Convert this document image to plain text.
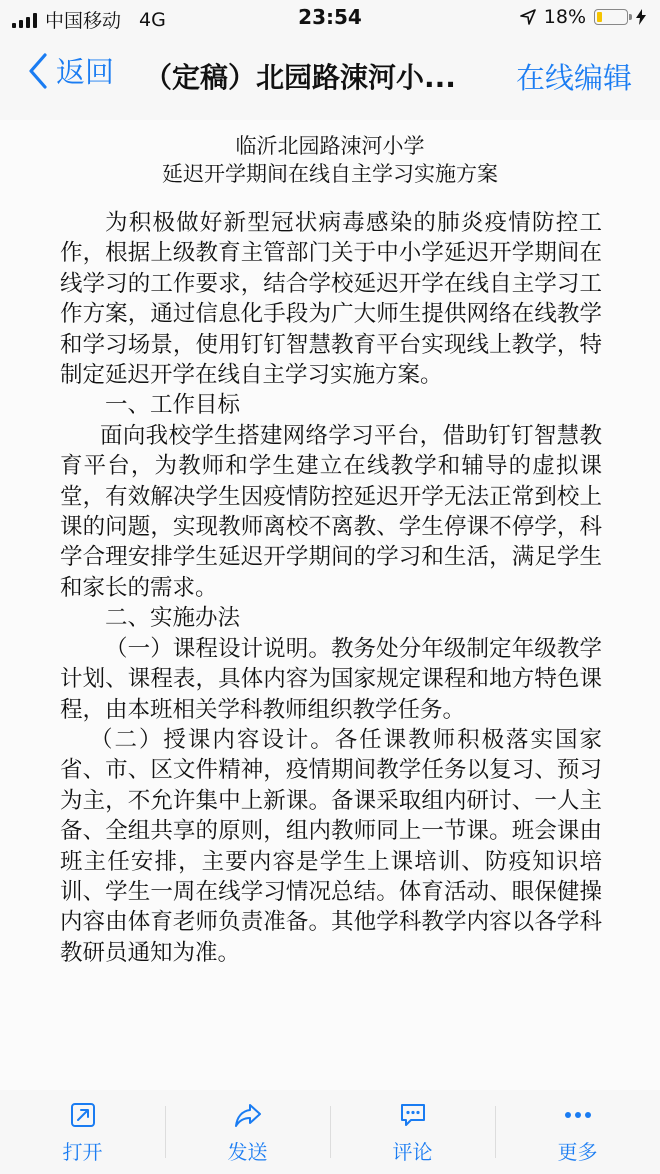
中国移动 4G	23:54	18%
返回 （定稿）北园路涑河小... 在线编辑
临沂北园路涑河小学
延迟开学期间在线自主学习实施方案

为积极做好新型冠状病毒感染的肺炎疫情防控工作，根据上级教育主管部门关于中小学延迟开学期间在线学习的工作要求，结合学校延迟开学在线自主学习工作方案，通过信息化手段为广大师生提供网络在线教学和学习场景，使用钉钉智慧教育平台实现线上教学，特制定延迟开学在线自主学习实施方案。

一、工作目标

面向我校学生搭建网络学习平台，借助钉钉智慧教育平台，为教师和学生建立在线教学和辅导的虚拟课堂，有效解决学生因疫情防控延迟开学无法正常到校上课的问题，实现教师离校不离教、学生停课不停学，科学合理安排学生延迟开学期间的学习和生活，满足学生和家长的需求。

二、实施办法

（一）课程设计说明。教务处分年级制定年级教学计划、课程表，具体内容为国家规定课程和地方特色课程，由本班相关学科教师组织教学任务。

（二）授课内容设计。各任课教师积极落实国家省、市、区文件精神，疫情期间教学任务以复习、预习为主，不允许集中上新课。备课采取组内研讨、一人主备、全组共享的原则，组内教师同上一节课。班会课由班主任安排，主要内容是学生上课培训、防疫知识培训、学生一周在线学习情况总结。体育活动、眼保健操内容由体育老师负责准备。其他学科教学内容以各学科教研员通知为准。

打开	发送	评论	更多
